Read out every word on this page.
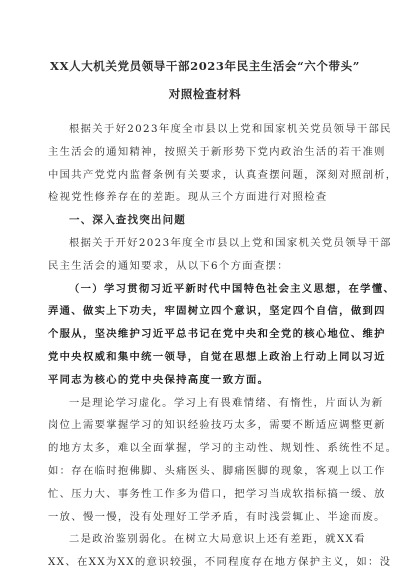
XX人大机关党员领导干部2023年民主生活会“六个带头”

对照检查材料

根据关于好2023年度全市县以上党和国家机关党员领导干部民
主生活会的通知精神，按照关于新形势下党内政治生活的若干准则
中国共产党党内监督条例有关要求，认真查摆问题，深刻对照剖析，
检视党性修养存在的差距。现从三个方面进行对照检查

一、深入查找突出问题

根据关于开好2023年度全市县以上党和国家机关党员领导干部
民主生活会的通知要求，从以下6个方面查摆：
（一）学习贯彻习近平新时代中国特色社会主义思想，在学懂、
弄通、做实上下功夫，牢固树立四个意识，坚定四个自信，做到四
个服从，坚决维护习近平总书记在党中央和全党的核心地位、维护
党中央权威和集中统一领导，自觉在思想上政治上行动上同以习近
平同志为核心的党中央保持高度一致方面。
一是理论学习虚化。学习上有畏难情绪、有惰性，片面认为新
岗位上需要掌握学习的知识经验技巧太多，需要不断适应调整更新
的地方太多，难以全面掌握，学习的主动性、规划性、系统性不足。
如：存在临时抱佛脚、头痛医头、脚痛医脚的现象，客观上以工作
忙、压力大、事务性工作多为借口，把学习当成软指标搞一缓、放
一放、慢一慢，没有处理好工学矛盾，有时浅尝辄止、半途而废。
二是政治鉴别弱化。在树立大局意识上还有差距，就XX看
XX、在XX为XX的意识较强，不同程度存在地方保护主义，如：没
